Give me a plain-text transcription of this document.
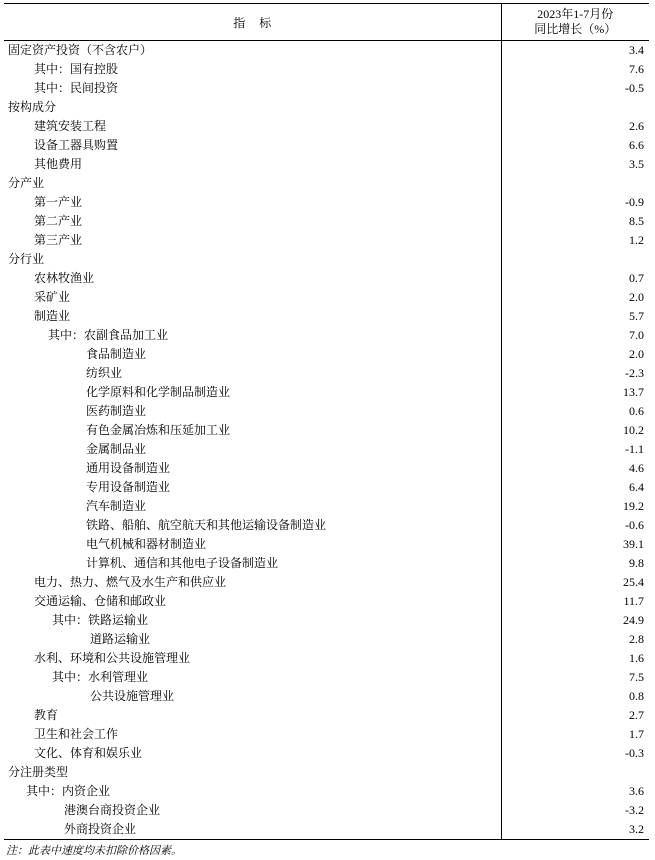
指标	2023年1-7月份
同比增长（%）

固定资产投资（不含农户）	3.4
其中：国有控股	7.6
其中：民间投资	-0.5
按构成分	
建筑安装工程	2.6
设备工器具购置	6.6
其他费用	3.5
分产业	
第一产业	-0.9
第二产业	8.5
第三产业	1.2
分行业	
农林牧渔业	0.7
采矿业	2.0
制造业	5.7
其中：农副食品加工业	7.0
食品制造业	2.0
纺织业	-2.3
化学原料和化学制品制造业	13.7
医药制造业	0.6
有色金属冶炼和压延加工业	10.2
金属制品业	-1.1
通用设备制造业	4.6
专用设备制造业	6.4
汽车制造业	19.2
铁路、船舶、航空航天和其他运输设备制造业	-0.6
电气机械和器材制造业	39.1
计算机、通信和其他电子设备制造业	9.8
电力、热力、燃气及水生产和供应业	25.4
交通运输、仓储和邮政业	11.7
其中：铁路运输业	24.9
道路运输业	2.8
水利、环境和公共设施管理业	1.6
其中：水利管理业	7.5
公共设施管理业	0.8
教育	2.7
卫生和社会工作	1.7
文化、体育和娱乐业	-0.3
分注册类型	
其中：内资企业	3.6
港澳台商投资企业	-3.2
外商投资企业	3.2
注：此表中速度均未扣除价格因素。
